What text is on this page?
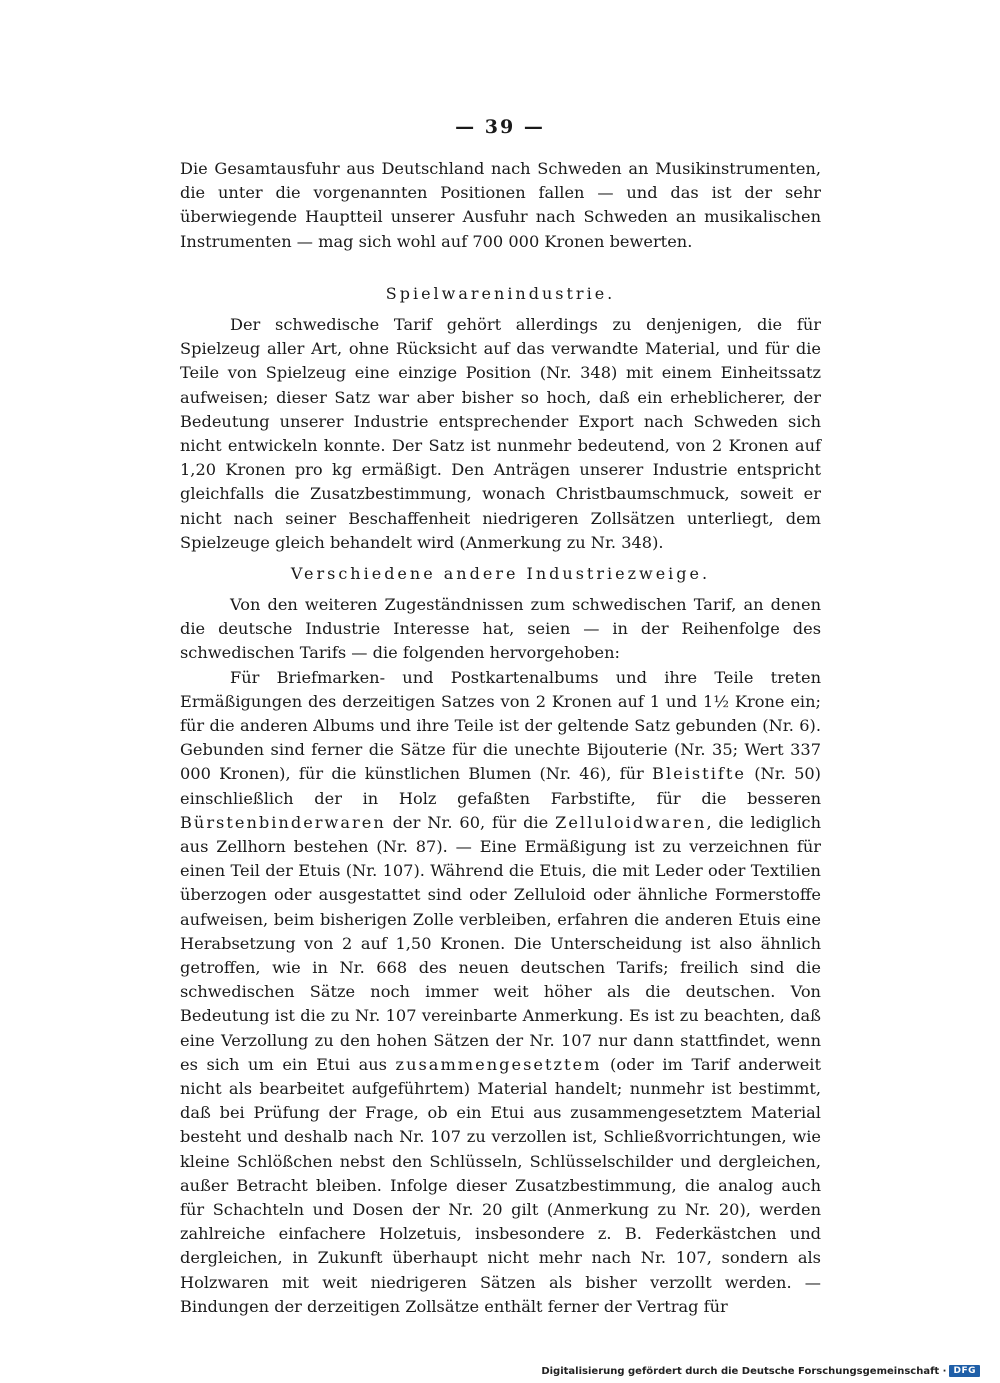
— 39 —

Die Gesamtausfuhr aus Deutschland nach Schweden an Musikinstrumenten, die unter die vorgenannten Positionen fallen — und das ist der sehr überwiegende Hauptteil unserer Ausfuhr nach Schweden an musikalischen Instrumenten — mag sich wohl auf 700 000 Kronen bewerten.

Spielwarenindustrie.

Der schwedische Tarif gehört allerdings zu denjenigen, die für Spielzeug aller Art, ohne Rücksicht auf das verwandte Material, und für die Teile von Spielzeug eine einzige Position (Nr. 348) mit einem Einheitssatz aufweisen; dieser Satz war aber bisher so hoch, daß ein erheblicherer, der Bedeutung unserer Industrie entsprechender Export nach Schweden sich nicht entwickeln konnte. Der Satz ist nunmehr bedeutend, von 2 Kronen auf 1,20 Kronen pro kg ermäßigt. Den Anträgen unserer Industrie entspricht gleichfalls die Zusatzbestimmung, wonach Christbaumschmuck, soweit er nicht nach seiner Beschaffenheit niedrigeren Zollsätzen unterliegt, dem Spielzeuge gleich behandelt wird (Anmerkung zu Nr. 348).

Verschiedene andere Industriezweige.

Von den weiteren Zugeständnissen zum schwedischen Tarif, an denen die deutsche Industrie Interesse hat, seien — in der Reihenfolge des schwedischen Tarifs — die folgenden hervorgehoben:

Für Briefmarken- und Postkartenalbums und ihre Teile treten Ermäßigungen des derzeitigen Satzes von 2 Kronen auf 1 und 1½ Krone ein; für die anderen Albums und ihre Teile ist der geltende Satz gebunden (Nr. 6). Gebunden sind ferner die Sätze für die unechte Bijouterie (Nr. 35; Wert 337 000 Kronen), für die künstlichen Blumen (Nr. 46), für Bleistifte (Nr. 50) einschließlich der in Holz gefaßten Farbstifte, für die besseren Bürstenbinderwaren der Nr. 60, für die Zelluloidwaren, die lediglich aus Zellhorn bestehen (Nr. 87). — Eine Ermäßigung ist zu verzeichnen für einen Teil der Etuis (Nr. 107). Während die Etuis, die mit Leder oder Textilien überzogen oder ausgestattet sind oder Zelluloid oder ähnliche Formerstoffe aufweisen, beim bisherigen Zolle verbleiben, erfahren die anderen Etuis eine Herabsetzung von 2 auf 1,50 Kronen. Die Unterscheidung ist also ähnlich getroffen, wie in Nr. 668 des neuen deutschen Tarifs; freilich sind die schwedischen Sätze noch immer weit höher als die deutschen. Von Bedeutung ist die zu Nr. 107 vereinbarte Anmerkung. Es ist zu beachten, daß eine Verzollung zu den hohen Sätzen der Nr. 107 nur dann stattfindet, wenn es sich um ein Etui aus zusammengesetztem (oder im Tarif anderweit nicht als bearbeitet aufgeführtem) Material handelt; nunmehr ist bestimmt, daß bei Prüfung der Frage, ob ein Etui aus zusammengesetztem Material besteht und deshalb nach Nr. 107 zu verzollen ist, Schließvorrichtungen, wie kleine Schlößchen nebst den Schlüsseln, Schlüsselschilder und dergleichen, außer Betracht bleiben. Infolge dieser Zusatzbestimmung, die analog auch für Schachteln und Dosen der Nr. 20 gilt (Anmerkung zu Nr. 20), werden zahlreiche einfachere Holzetuis, insbesondere z. B. Federkästchen und dergleichen, in Zukunft überhaupt nicht mehr nach Nr. 107, sondern als Holzwaren mit weit niedrigeren Sätzen als bisher verzollt werden. — Bindungen der derzeitigen Zollsätze enthält ferner der Vertrag für

Digitalisierung gefördert durch die Deutsche Forschungsgemeinschaft · DFG
